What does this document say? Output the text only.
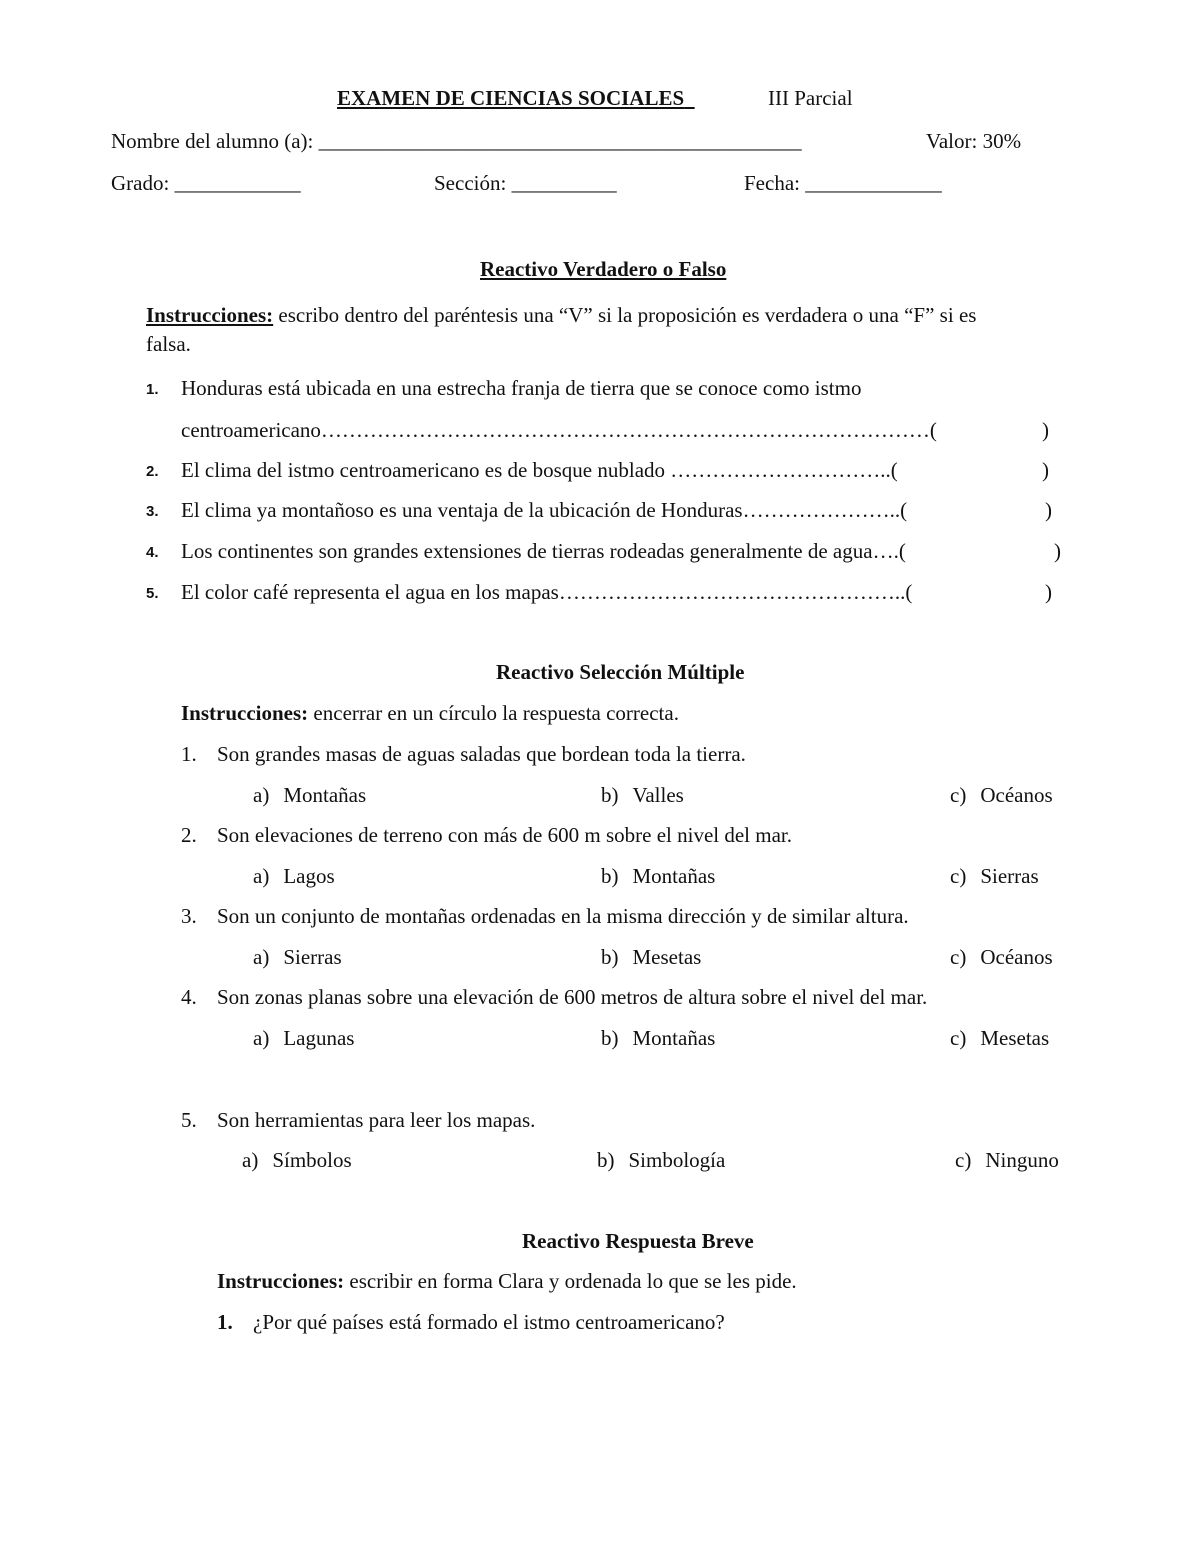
EXAMEN DE CIENCIAS SOCIALES	III Parcial
Nombre del alumno (a): ______________________________________________	Valor: 30%
Grado: ____________	Sección: __________	Fecha: _____________
Reactivo Verdadero o Falso
Instrucciones: escribo dentro del paréntesis una “V” si la proposición es verdadera o una “F” si es
falsa.
1. Honduras está ubicada en una estrecha franja de tierra que se conoce como istmo
centroamericano……………………………………………………………………………(	)
2. El clima del istmo centroamericano es de bosque nublado …………………………..(	)
3. El clima ya montañoso es una ventaja de la ubicación de Honduras…………………..(	)
4. Los continentes son grandes extensiones de tierras rodeadas generalmente de agua….(	)
5. El color café representa el agua en los mapas…………………………………………..(	)
Reactivo Selección Múltiple
Instrucciones: encerrar en un círculo la respuesta correcta.
1. Son grandes masas de aguas saladas que bordean toda la tierra.
a) Montañas	b) Valles	c) Océanos
2. Son elevaciones de terreno con más de 600 m sobre el nivel del mar.
a) Lagos	b) Montañas	c) Sierras
3. Son un conjunto de montañas ordenadas en la misma dirección y de similar altura.
a) Sierras	b) Mesetas	c) Océanos
4. Son zonas planas sobre una elevación de 600 metros de altura sobre el nivel del mar.
a) Lagunas	b) Montañas	c) Mesetas
5. Son herramientas para leer los mapas.
a) Símbolos	b) Simbología	c) Ninguno
Reactivo Respuesta Breve
Instrucciones: escribir en forma Clara y ordenada lo que se les pide.
1. ¿Por qué países está formado el istmo centroamericano?
